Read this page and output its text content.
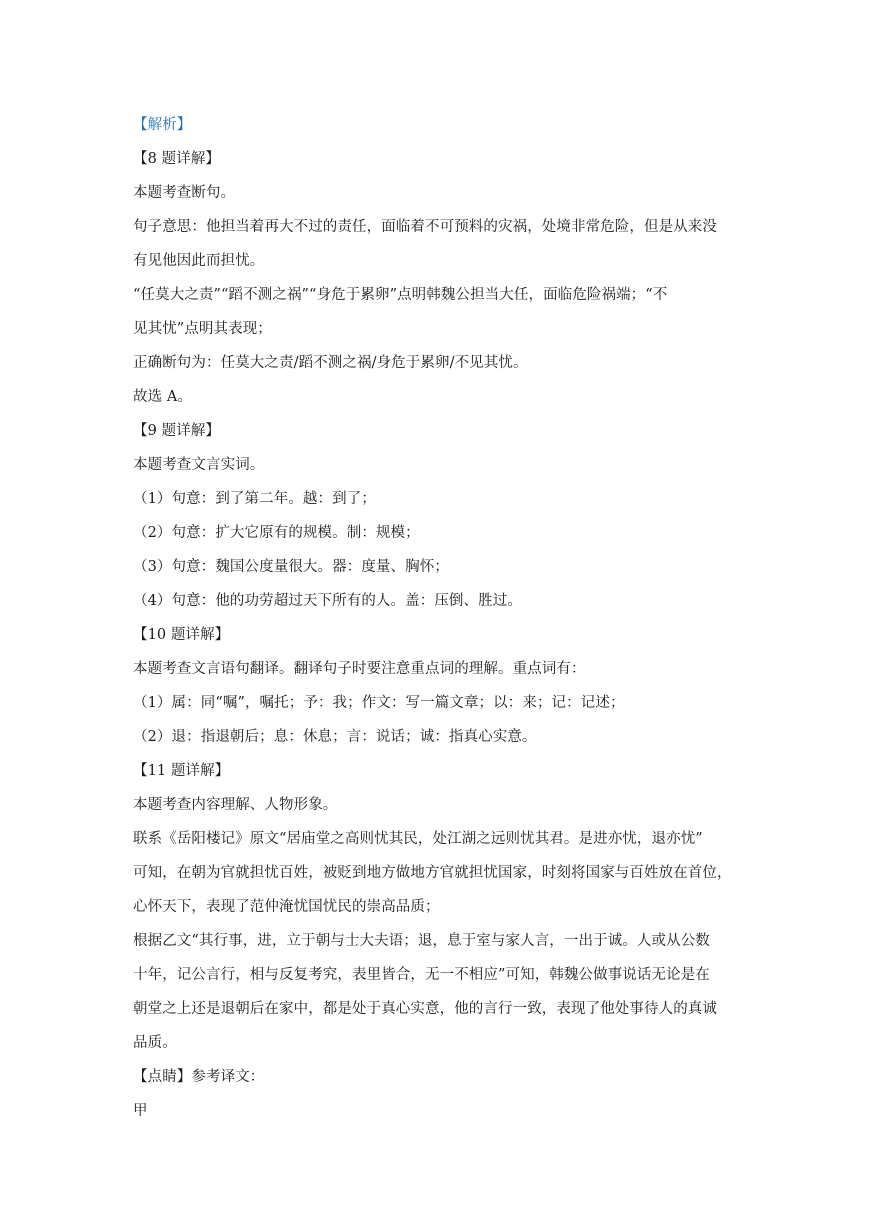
【解析】
【8 题详解】
本题考查断句。
句子意思：他担当着再大不过的责任，面临着不可预料的灾祸，处境非常危险，但是从来没
有见他因此而担忧。
“任莫大之责”“蹈不测之祸”“身危于累卵”点明韩魏公担当大任，面临危险祸端；“不
见其忧”点明其表现；
正确断句为：任莫大之责/蹈不测之祸/身危于累卵/不见其忧。
故选 A。
【9 题详解】
本题考查文言实词。
（1）句意：到了第二年。越：到了；
（2）句意：扩大它原有的规模。制：规模；
（3）句意：魏国公度量很大。器：度量、胸怀；
（4）句意：他的功劳超过天下所有的人。盖：压倒、胜过。
【10 题详解】
本题考查文言语句翻译。翻译句子时要注意重点词的理解。重点词有：
（1）属：同“嘱”，嘱托；予：我；作文：写一篇文章；以：来；记：记述；
（2）退：指退朝后；息：休息；言：说话；诚：指真心实意。
【11 题详解】
本题考查内容理解、人物形象。
联系《岳阳楼记》原文“居庙堂之高则忧其民，处江湖之远则忧其君。是进亦忧，退亦忧”
可知，在朝为官就担忧百姓，被贬到地方做地方官就担忧国家，时刻将国家与百姓放在首位，
心怀天下，表现了范仲淹忧国忧民的崇高品质；
根据乙文“其行事，进，立于朝与士大夫语；退，息于室与家人言，一出于诚。人或从公数
十年，记公言行，相与反复考究，表里皆合，无一不相应”可知，韩魏公做事说话无论是在
朝堂之上还是退朝后在家中，都是处于真心实意，他的言行一致，表现了他处事待人的真诚
品质。
【点睛】参考译文：
甲
